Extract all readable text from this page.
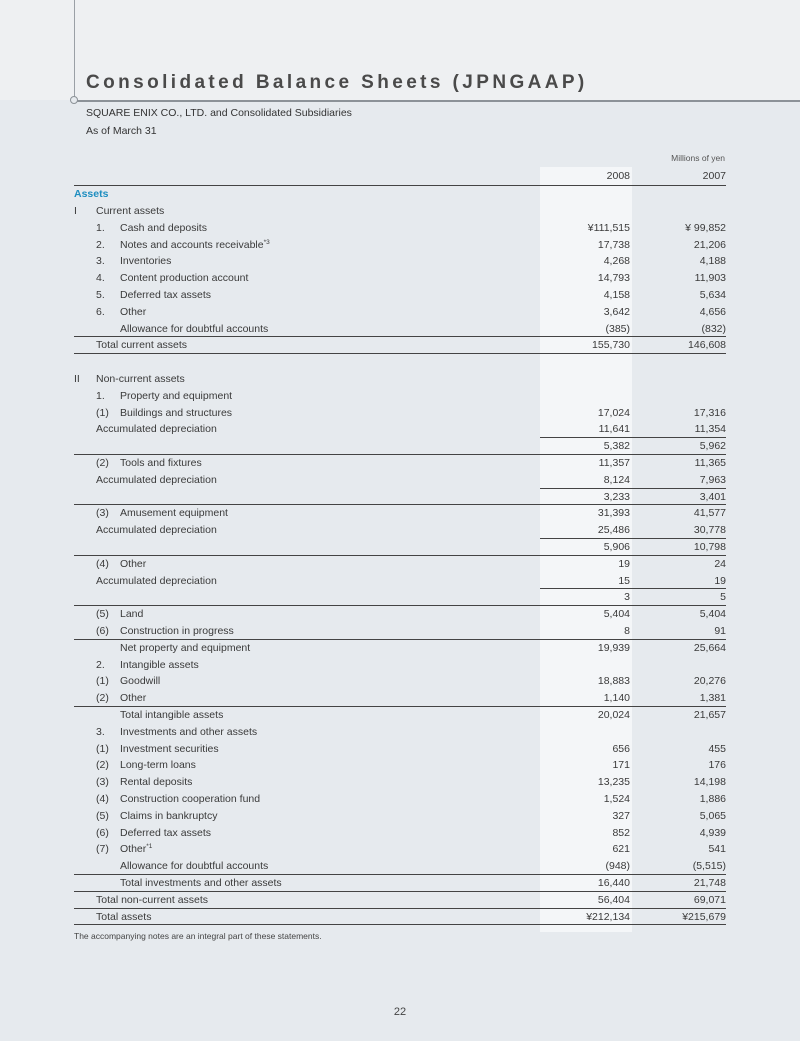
Consolidated Balance Sheets (JPNGAAP)
SQUARE ENIX CO., LTD. and Consolidated Subsidiaries
As of March 31
Millions of yen
2008	2007
Assets
I Current assets
1. Cash and deposits	¥111,515	¥ 99,852
2. Notes and accounts receivable$^{*3}$	17,738	21,206
3. Inventories	4,268	4,188
4. Content production account	14,793	11,903
5. Deferred tax assets	4,158	5,634
6. Other	3,642	4,656
Allowance for doubtful accounts	(385)	(832)
Total current assets	155,730	146,608
II Non-current assets
1. Property and equipment
(1) Buildings and structures	17,024	17,316
Accumulated depreciation	11,641	11,354
5,382	5,962
(2) Tools and fixtures	11,357	11,365
Accumulated depreciation	8,124	7,963
3,233	3,401
(3) Amusement equipment	31,393	41,577
Accumulated depreciation	25,486	30,778
5,906	10,798
(4) Other	19	24
Accumulated depreciation	15	19
3	5
(5) Land	5,404	5,404
(6) Construction in progress	8	91
Net property and equipment	19,939	25,664
2. Intangible assets
(1) Goodwill	18,883	20,276
(2) Other	1,140	1,381
Total intangible assets	20,024	21,657
3. Investments and other assets
(1) Investment securities	656	455
(2) Long-term loans	171	176
(3) Rental deposits	13,235	14,198
(4) Construction cooperation fund	1,524	1,886
(5) Claims in bankruptcy	327	5,065
(6) Deferred tax assets	852	4,939
(7) Other$^{*1}$	621	541
Allowance for doubtful accounts	(948)	(5,515)
Total investments and other assets	16,440	21,748
Total non-current assets	56,404	69,071
Total assets	¥212,134	¥215,679
The accompanying notes are an integral part of these statements.
22
